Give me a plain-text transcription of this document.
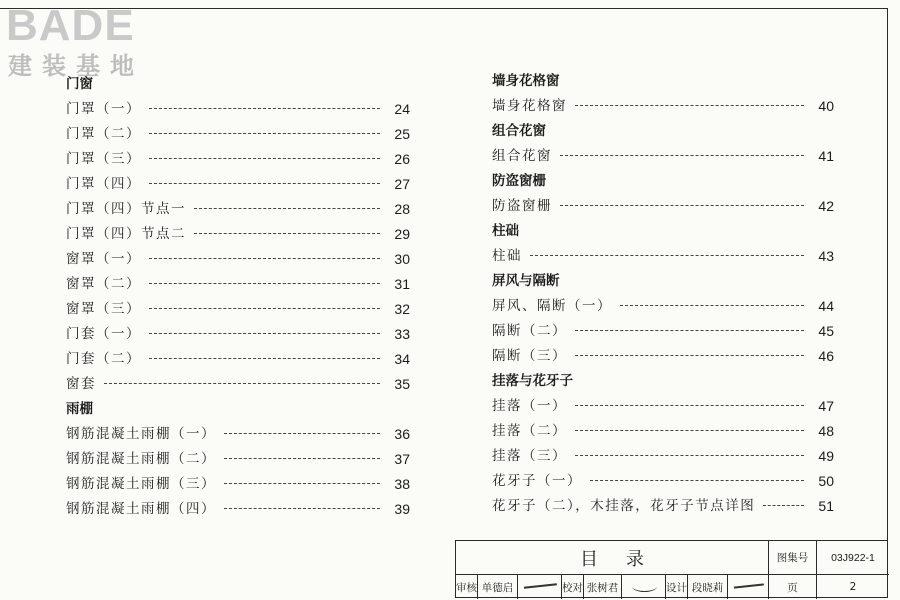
BADE
建装基地
门窗
门罩（一）	24
门罩（二）	25
门罩（三）	26
门罩（四）	27
门罩（四）节点一	28
门罩（四）节点二	29
窗罩（一）	30
窗罩（二）	31
窗罩（三）	32
门套（一）	33
门套（二）	34
窗套	35
雨棚
钢筋混凝土雨棚（一）	36
钢筋混凝土雨棚（二）	37
钢筋混凝土雨棚（三）	38
钢筋混凝土雨棚（四）	39
墙身花格窗
墙身花格窗	40
组合花窗
组合花窗	41
防盗窗栅
防盗窗栅	42
柱础
柱础	43
屏风与隔断
屏风、隔断（一）	44
隔断（二）	45
隔断（三）	46
挂落与花牙子
挂落（一）	47
挂落（二）	48
挂落（三）	49
花牙子（一）	50
花牙子（二），木挂落，花牙子节点详图	51
目录	图集号	03J922-1
审核 单德启	校对 张树君	设计 段晓莉	页	2
